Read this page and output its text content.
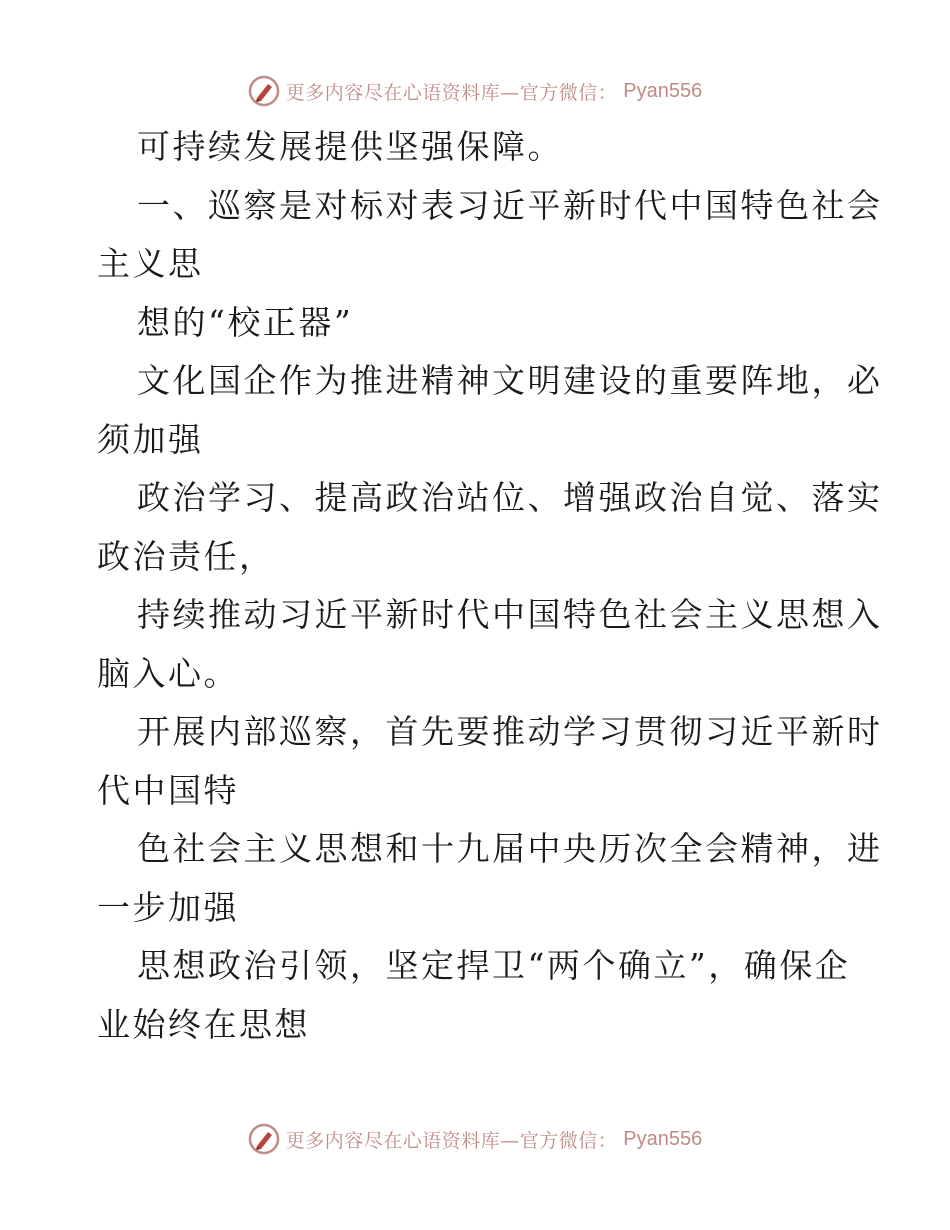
更多内容尽在心语资料库—官方微信： Pyan556
可持续发展提供坚强保障。
一、巡察是对标对表习近平新时代中国特色社会
主义思
想的“校正器”
文化国企作为推进精神文明建设的重要阵地，必
须加强
政治学习、提高政治站位、增强政治自觉、落实
政治责任，
持续推动习近平新时代中国特色社会主义思想入
脑入心。
开展内部巡察，首先要推动学习贯彻习近平新时
代中国特
色社会主义思想和十九届中央历次全会精神，进
一步加强
思想政治引领，坚定捍卫“两个确立”，确保企
业始终在思想
更多内容尽在心语资料库—官方微信： Pyan556
